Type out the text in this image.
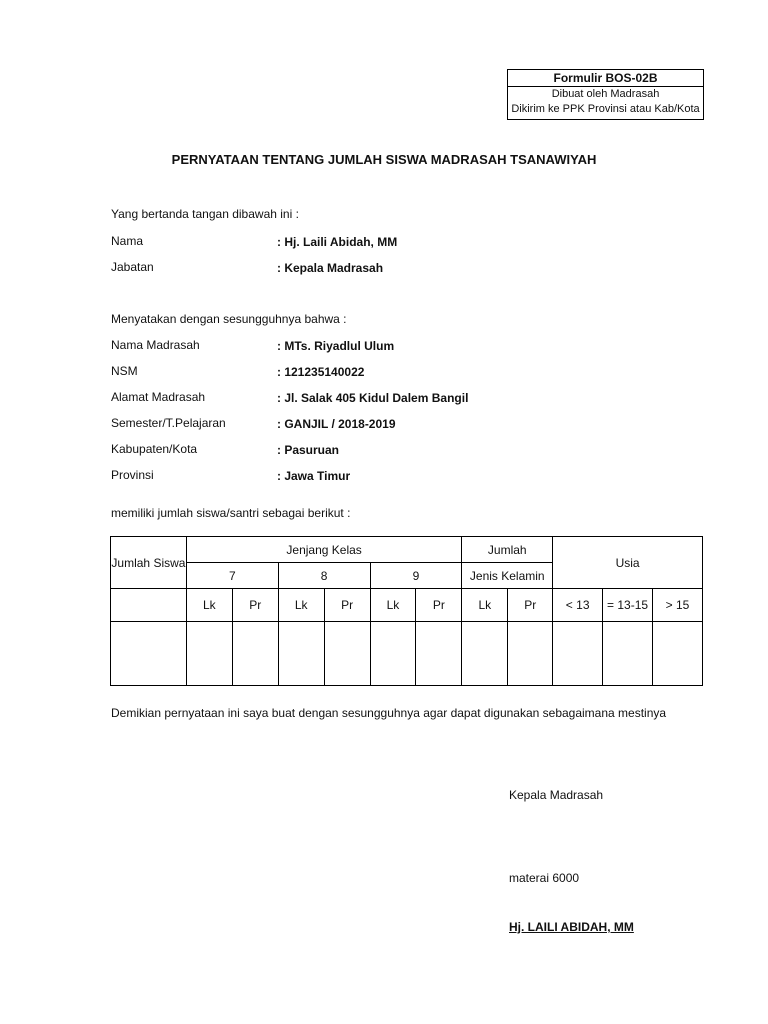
Formulir BOS-02B
Dibuat oleh Madrasah
Dikirim ke PPK Provinsi atau Kab/Kota
PERNYATAAN TENTANG JUMLAH SISWA MADRASAH TSANAWIYAH
Yang bertanda tangan dibawah ini :
Nama	: Hj. Laili Abidah, MM
Jabatan	: Kepala Madrasah
Menyatakan dengan sesungguhnya bahwa :
Nama Madrasah	: MTs. Riyadlul Ulum
NSM	: 121235140022
Alamat Madrasah	: Jl. Salak 405 Kidul Dalem Bangil
Semester/T.Pelajaran	: GANJIL / 2018-2019
Kabupaten/Kota	: Pasuruan
Provinsi	: Jawa Timur
memiliki jumlah siswa/santri sebagai berikut :
Jumlah Siswa	Jenjang Kelas						Jumlah		Usia		
	7		8		9		Jenis Kelamin				
	Lk	Pr	Lk	Pr	Lk	Pr	Lk	Pr	< 13	= 13-15	> 15

Demikian pernyataan ini saya buat dengan sesungguhnya agar dapat digunakan sebagaimana mestinya
Kepala Madrasah
materai 6000
Hj. LAILI ABIDAH, MM
